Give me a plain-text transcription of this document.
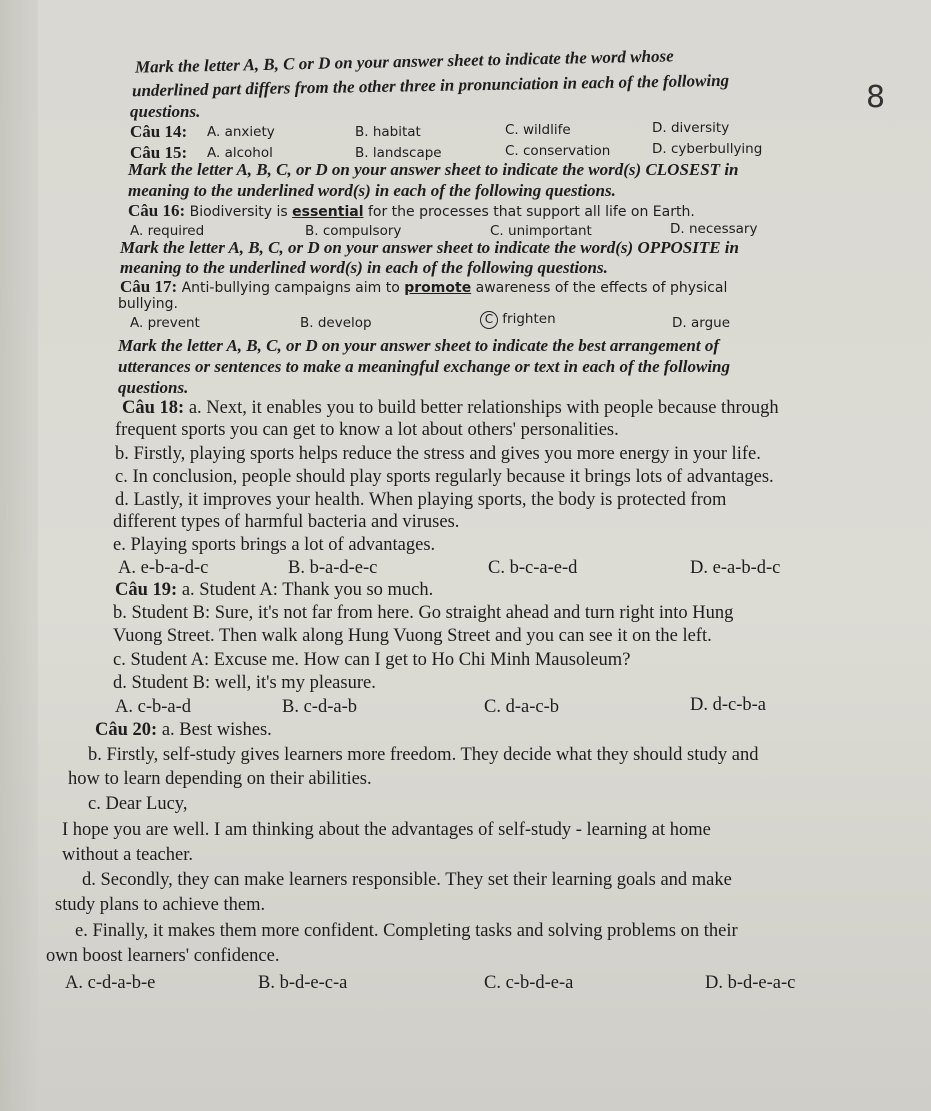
Mark the letter A, B, C or D on your answer sheet to indicate the word whose
underlined part differs from the other three in pronunciation in each of the following
questions.	8
Câu 14: A. anxiety	B. habitat	C. wildlife	D. diversity
Câu 15: A. alcohol	B. landscape	C. conservation	D. cyberbullying
Mark the letter A, B, C, or D on your answer sheet to indicate the word(s) CLOSEST in
meaning to the underlined word(s) in each of the following questions.
Câu 16: Biodiversity is essential for the processes that support all life on Earth.
A. required	B. compulsory	C. unimportant	D. necessary
Mark the letter A, B, C, or D on your answer sheet to indicate the word(s) OPPOSITE in
meaning to the underlined word(s) in each of the following questions.
Câu 17: Anti-bullying campaigns aim to promote awareness of the effects of physical
bullying.
A. prevent	B. develop	C frighten	D. argue
Mark the letter A, B, C, or D on your answer sheet to indicate the best arrangement of
utterances or sentences to make a meaningful exchange or text in each of the following
questions.
Câu 18: a. Next, it enables you to build better relationships with people because through
frequent sports you can get to know a lot about others' personalities.
b. Firstly, playing sports helps reduce the stress and gives you more energy in your life.
c. In conclusion, people should play sports regularly because it brings lots of advantages.
d. Lastly, it improves your health. When playing sports, the body is protected from
different types of harmful bacteria and viruses.
e. Playing sports brings a lot of advantages.
A. e-b-a-d-c	B. b-a-d-e-c	C. b-c-a-e-d	D. e-a-b-d-c
Câu 19: a. Student A: Thank you so much.
b. Student B: Sure, it's not far from here. Go straight ahead and turn right into Hung
Vuong Street. Then walk along Hung Vuong Street and you can see it on the left.
c. Student A: Excuse me. How can I get to Ho Chi Minh Mausoleum?
d. Student B: well, it's my pleasure.
A. c-b-a-d	B. c-d-a-b	C. d-a-c-b	D. d-c-b-a
Câu 20: a. Best wishes.
b. Firstly, self-study gives learners more freedom. They decide what they should study and
how to learn depending on their abilities.
c. Dear Lucy,
I hope you are well. I am thinking about the advantages of self-study - learning at home
without a teacher.
d. Secondly, they can make learners responsible. They set their learning goals and make
study plans to achieve them.
e. Finally, it makes them more confident. Completing tasks and solving problems on their
own boost learners' confidence.
A. c-d-a-b-e	B. b-d-e-c-a	C. c-b-d-e-a	D. b-d-e-a-c
